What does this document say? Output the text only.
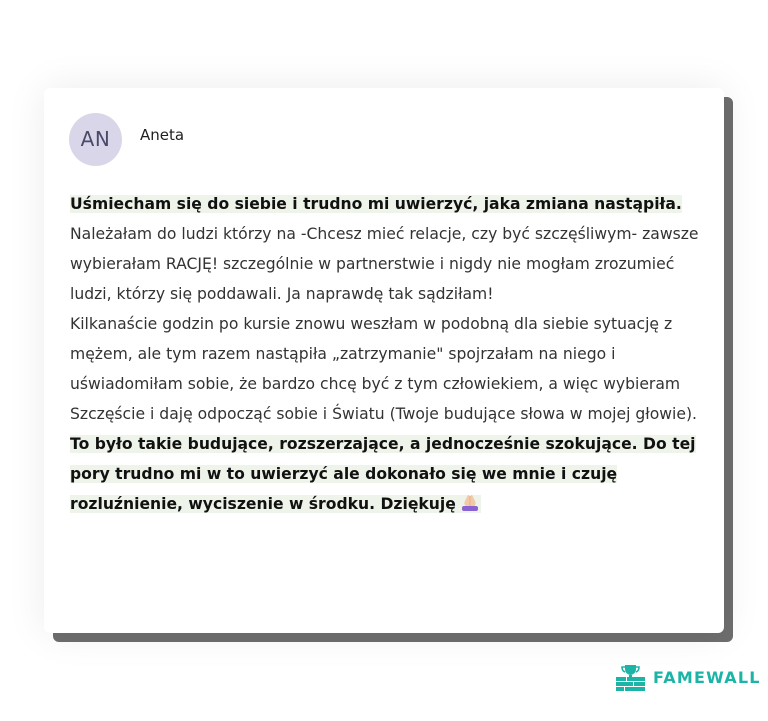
AN	Aneta

Uśmiecham się do siebie i trudno mi uwierzyć, jaka zmiana nastąpiła. Należałam do ludzi którzy na -Chcesz mieć relacje, czy być szczęśliwym- zawsze wybierałam RACJĘ! szczególnie w partnerstwie i nigdy nie mogłam zrozumieć ludzi, którzy się poddawali. Ja naprawdę tak sądziłam!

Kilkanaście godzin po kursie znowu weszłam w podobną dla siebie sytuację z mężem, ale tym razem nastąpiła „zatrzymanie" spojrzałam na niego i uświadomiłam sobie, że bardzo chcę być z tym człowiekiem, a więc wybieram Szczęście i daję odpocząć sobie i Światu (Twoje budujące słowa w mojej głowie).

To było takie budujące, rozszerzające, a jednocześnie szokujące. Do tej pory trudno mi w to uwierzyć ale dokonało się we mnie i czuję rozluźnienie, wyciszenie w środku. Dziękuję

FAMEWALL
